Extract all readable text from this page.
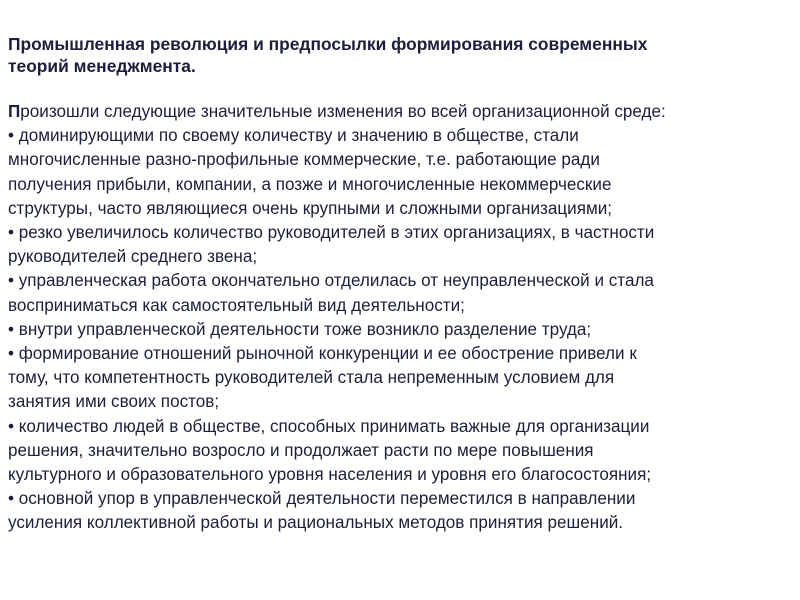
Промышленная революция и предпосылки формирования современных
теорий менеджмента.
Произошли следующие значительные изменения во всей организационной среде:
• доминирующими по своему количеству и значению в обществе, стали
многочисленные разно-профильные коммерческие, т.е. работающие ради
получения прибыли, компании, а позже и многочисленные некоммерческие
структуры, часто являющиеся очень крупными и сложными организациями;
• резко увеличилось количество руководителей в этих организациях, в частности
руководителей среднего звена;
• управленческая работа окончательно отделилась от неуправленческой и стала
восприниматься как самостоятельный вид деятельности;
• внутри управленческой деятельности тоже возникло разделение труда;
• формирование отношений рыночной конкуренции и ее обострение привели к
тому, что компетентность руководителей стала непременным условием для
занятия ими своих постов;
• количество людей в обществе, способных принимать важные для организации
решения, значительно возросло и продолжает расти по мере повышения
культурного и образовательного уровня населения и уровня его благосостояния;
• основной упор в управленческой деятельности переместился в направлении
усиления коллективной работы и рациональных методов принятия решений.
